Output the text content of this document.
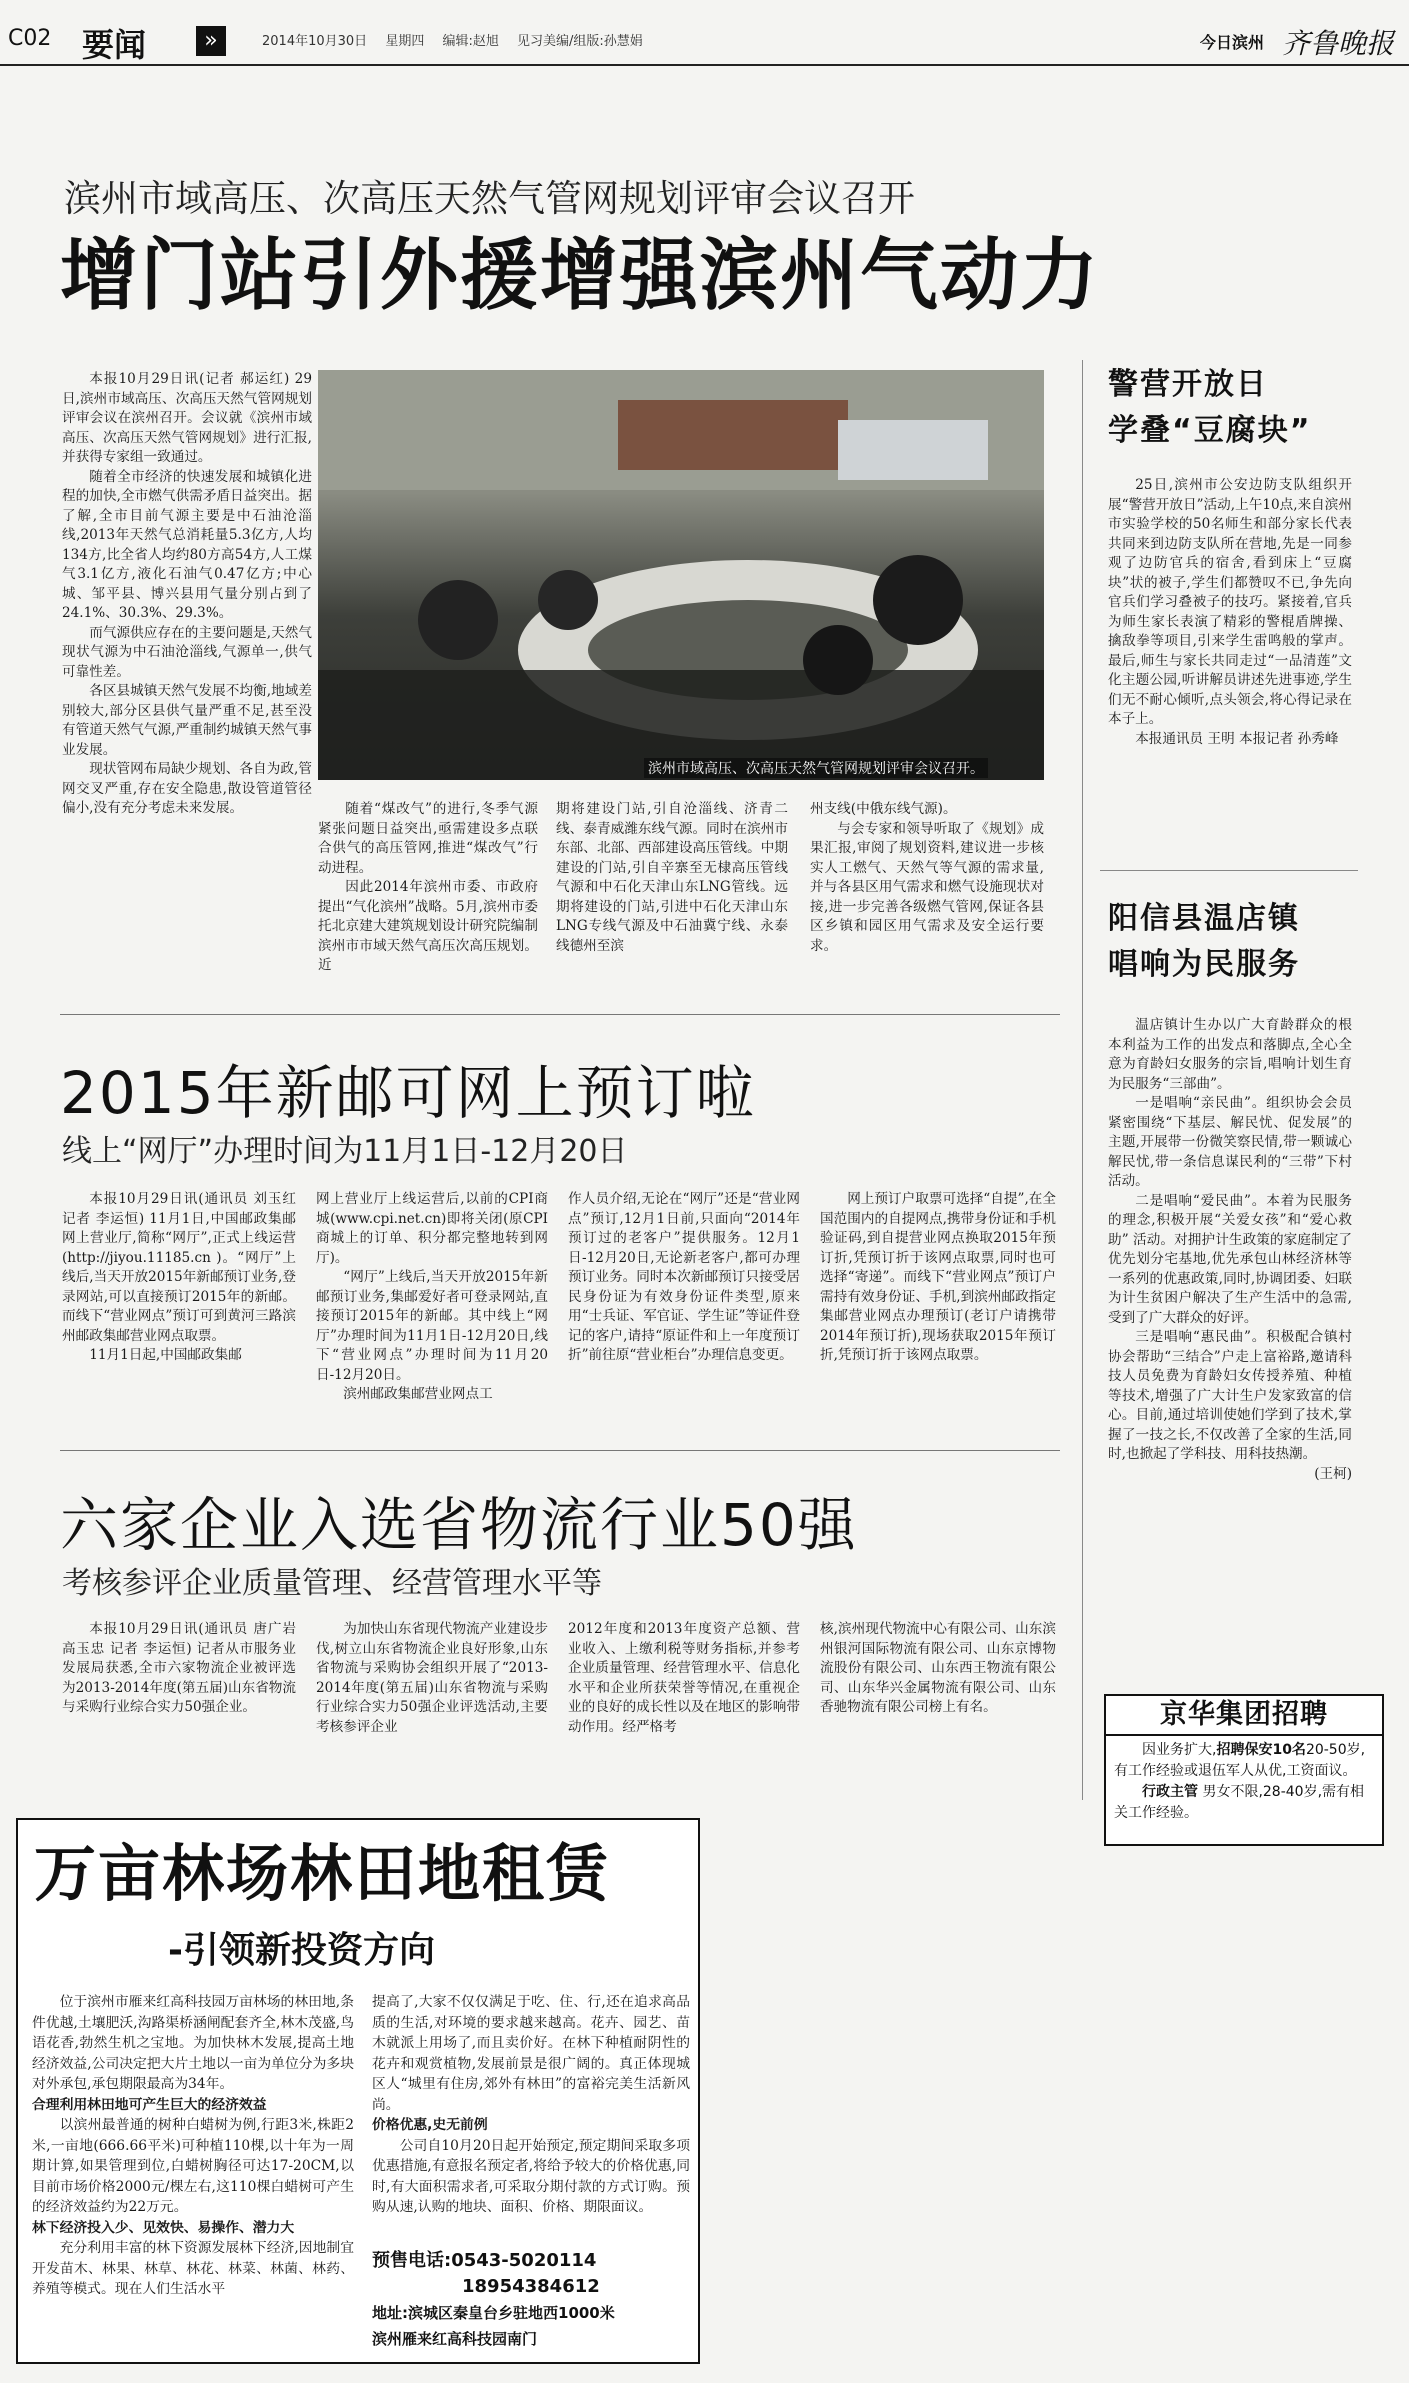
C02 要闻	»	2014年10月30日 星期四 编辑:赵旭 见习美编/组版:孙慧娟	今日滨州 齐鲁晚报
滨州市域高压、次高压天然气管网规划评审会议召开
增门站引外援增强滨州气动力

本报10月29日讯(记者 郝运红) 29日,滨州市域高压、次高压天然气管网规划评审会议在滨州召开。会议就《滨州市域高压、次高压天然气管网规划》进行汇报,并获得专家组一致通过。

随着全市经济的快速发展和城镇化进程的加快,全市燃气供需矛盾日益突出。据了解,全市目前气源主要是中石油沧淄线,2013年天然气总消耗量5.3亿方,人均134方,比全省人均约80方高54方,人工煤气3.1亿方,液化石油气0.47亿方;中心城、邹平县、博兴县用气量分别占到了24.1%、30.3%、29.3%。

而气源供应存在的主要问题是,天然气现状气源为中石油沧淄线,气源单一,供气可靠性差。

各区县城镇天然气发展不均衡,地域差别较大,部分区县供气量严重不足,甚至没有管道天然气气源,严重制约城镇天然气事业发展。

现状管网布局缺少规划、各自为政,管网交叉严重,存在安全隐患,散设管道管径偏小,没有充分考虑未来发展。

滨州市域高压、次高压天然气管网规划评审会议召开。

随着“煤改气”的进行,冬季气源紧张问题日益突出,亟需建设多点联合供气的高压管网,推进“煤改气”行动进程。

因此2014年滨州市委、市政府提出“气化滨州”战略。5月,滨州市委托北京建大建筑规划设计研究院编制滨州市市域天然气高压次高压规划。近

期将建设门站,引自沧淄线、济青二线、泰青威潍东线气源。同时在滨州市东部、北部、西部建设高压管线。中期建设的门站,引自辛寨至无棣高压管线气源和中石化天津山东LNG管线。远期将建设的门站,引进中石化天津山东LNG专线气源及中石油冀宁线、永泰线德州至滨

州支线(中俄东线气源)。

与会专家和领导听取了《规划》成果汇报,审阅了规划资料,建议进一步核实人工燃气、天然气等气源的需求量,并与各县区用气需求和燃气设施现状对接,进一步完善各级燃气管网,保证各县区乡镇和园区用气需求及安全运行要求。

警营开放日
学叠“豆腐块”

25日,滨州市公安边防支队组织开展“警营开放日”活动,上午10点,来自滨州市实验学校的50名师生和部分家长代表共同来到边防支队所在营地,先是一同参观了边防官兵的宿舍,看到床上“豆腐块”状的被子,学生们都赞叹不已,争先向官兵们学习叠被子的技巧。紧接着,官兵为师生家长表演了精彩的警棍盾牌操、擒敌拳等项目,引来学生雷鸣般的掌声。最后,师生与家长共同走过“一品清莲”文化主题公园,听讲解员讲述先进事迹,学生们无不耐心倾听,点头领会,将心得记录在本子上。

本报通讯员 王明 本报记者 孙秀峰

阳信县温店镇
唱响为民服务

温店镇计生办以广大育龄群众的根本利益为工作的出发点和落脚点,全心全意为育龄妇女服务的宗旨,唱响计划生育为民服务“三部曲”。

一是唱响“亲民曲”。组织协会会员紧密围绕“下基层、解民忧、促发展”的主题,开展带一份微笑察民情,带一颗诚心解民忧,带一条信息谋民利的“三带”下村活动。

二是唱响“爱民曲”。本着为民服务的理念,积极开展“关爱女孩”和“爱心救助” 活动。对拥护计生政策的家庭制定了优先划分宅基地,优先承包山林经济林等一系列的优惠政策,同时,协调团委、妇联为计生贫困户解决了生产生活中的急需,受到了广大群众的好评。

三是唱响“惠民曲”。积极配合镇村协会帮助“三结合”户走上富裕路,邀请科技人员免费为育龄妇女传授养殖、种植等技术,增强了广大计生户发家致富的信心。目前,通过培训使她们学到了技术,掌握了一技之长,不仅改善了全家的生活,同时,也掀起了学科技、用科技热潮。

(王柯)

2015年新邮可网上预订啦
线上“网厅”办理时间为11月1日-12月20日

本报10月29日讯(通讯员 刘玉红 记者 李运恒) 11月1日,中国邮政集邮网上营业厅,简称“网厅”,正式上线运营(http://jiyou.11185.cn )。“网厅”上线后,当天开放2015年新邮预订业务,登录网站,可以直接预订2015年的新邮。而线下“营业网点”预订可到黄河三路滨州邮政集邮营业网点取票。

11月1日起,中国邮政集邮

网上营业厅上线运营后,以前的CPI商城(www.cpi.net.cn)即将关闭(原CPI商城上的订单、积分都完整地转到网厅)。

“网厅”上线后,当天开放2015年新邮预订业务,集邮爱好者可登录网站,直接预订2015年的新邮。其中线上“网厅”办理时间为11月1日-12月20日,线下“营业网点”办理时间为11月20日-12月20日。

滨州邮政集邮营业网点工

作人员介绍,无论在“网厅”还是“营业网点”预订,12月1日前,只面向“2014年预订过的老客户”提供服务。12月1日-12月20日,无论新老客户,都可办理预订业务。同时本次新邮预订只接受居民身份证为有效身份证件类型,原来用“士兵证、军官证、学生证”等证件登记的客户,请持“原证件和上一年度预订折”前往原“营业柜台”办理信息变更。

网上预订户取票可选择“自提”,在全国范围内的自提网点,携带身份证和手机验证码,到自提营业网点换取2015年预订折,凭预订折于该网点取票,同时也可选择“寄递”。而线下“营业网点”预订户需持有效身份证、手机,到滨州邮政指定集邮营业网点办理预订(老订户请携带2014年预订折),现场获取2015年预订折,凭预订折于该网点取票。

六家企业入选省物流行业50强
考核参评企业质量管理、经营管理水平等

本报10月29日讯(通讯员 唐广岩 高玉忠 记者 李运恒) 记者从市服务业发展局获悉,全市六家物流企业被评选为2013-2014年度(第五届)山东省物流与采购行业综合实力50强企业。

为加快山东省现代物流产业建设步伐,树立山东省物流企业良好形象,山东省物流与采购协会组织开展了“2013-2014年度(第五届)山东省物流与采购行业综合实力50强企业评选活动,主要考核参评企业

2012年度和2013年度资产总额、营业收入、上缴利税等财务指标,并参考企业质量管理、经营管理水平、信息化水平和企业所获荣誉等情况,在重视企业的良好的成长性以及在地区的影响带动作用。经严格考

核,滨州现代物流中心有限公司、山东滨州银河国际物流有限公司、山东京博物流股份有限公司、山东西王物流有限公司、山东华兴金属物流有限公司、山东香驰物流有限公司榜上有名。	京华集团招聘
因业务扩大,招聘保安10名20-50岁,有工作经验或退伍军人从优,工资面议。
行政主管 男女不限,28-40岁,需有相关工作经验。
万亩林场林田地租赁
-引领新投资方向

位于滨州市雁来红高科技园万亩林场的林田地,条件优越,土壤肥沃,沟路渠桥涵闸配套齐全,林木茂盛,鸟语花香,勃然生机之宝地。为加快林木发展,提高土地经济效益,公司决定把大片土地以一亩为单位分为多块对外承包,承包期限最高为34年。

合理利用林田地可产生巨大的经济效益

以滨州最普通的树种白蜡树为例,行距3米,株距2米,一亩地(666.66平米)可种植110棵,以十年为一周期计算,如果管理到位,白蜡树胸径可达17-20CM,以目前市场价格2000元/棵左右,这110棵白蜡树可产生的经济效益约为22万元。

林下经济投入少、见效快、易操作、潜力大

充分利用丰富的林下资源发展林下经济,因地制宜开发苗木、林果、林草、林花、林菜、林菌、林药、养殖等模式。现在人们生活水平

提高了,大家不仅仅满足于吃、住、行,还在追求高品质的生活,对环境的要求越来越高。花卉、园艺、苗木就派上用场了,而且卖价好。在林下种植耐阴性的花卉和观赏植物,发展前景是很广阔的。真正体现城区人“城里有住房,郊外有林田”的富裕完美生活新风尚。

价格优惠,史无前例

公司自10月20日起开始预定,预定期间采取多项优惠措施,有意报名预定者,将给予较大的价格优惠,同时,有大面积需求者,可采取分期付款的方式订购。预购从速,认购的地块、面积、价格、期限面议。

预售电话:0543-5020114
18954384612
地址:滨城区秦皇台乡驻地西1000米
滨州雁来红高科技园南门
